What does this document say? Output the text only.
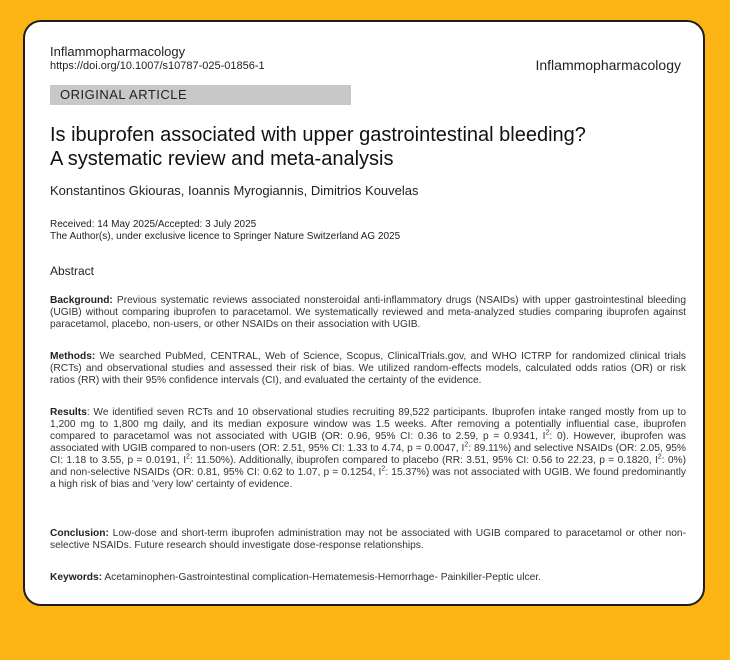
Inflammopharmacology
https://doi.org/10.1007/s10787-025-01856-1	Inflammopharmacology
ORIGINAL ARTICLE
Is ibuprofen associated with upper gastrointestinal bleeding?
A systematic review and meta-analysis
Konstantinos Gkiouras, Ioannis Myrogiannis, Dimitrios Kouvelas
Received: 14 May 2025/Accepted: 3 July 2025
The Author(s), under exclusive licence to Springer Nature Switzerland AG 2025
Abstract
Background: Previous systematic reviews associated nonsteroidal anti-inflammatory drugs (NSAIDs) with upper gastrointestinal bleeding (UGIB) without comparing ibuprofen to paracetamol. We systematically reviewed and meta-analyzed studies comparing ibuprofen against paracetamol, placebo, non-users, or other NSAIDs on their association with UGIB.
Methods: We searched PubMed, CENTRAL, Web of Science, Scopus, ClinicalTrials.gov, and WHO ICTRP for randomized clinical trials (RCTs) and observational studies and assessed their risk of bias. We utilized random-effects models, calculated odds ratios (OR) or risk ratios (RR) with their 95% confidence intervals (CI), and evaluated the certainty of the evidence.
Results: We identified seven RCTs and 10 observational studies recruiting 89,522 participants. Ibuprofen intake ranged mostly from up to 1,200 mg to 1,800 mg daily, and its median exposure window was 1.5 weeks. After removing a potentially influential case, ibuprofen compared to paracetamol was not associated with UGIB (OR: 0.96, 95% CI: 0.36 to 2.59, p = 0.9341, $I^2$: 0). However, ibuprofen was associated with UGIB compared to non-users (OR: 2.51, 95% CI: 1.33 to 4.74, p = 0.0047, $I^2$: 89.11%) and selective NSAIDs (OR: 2.05, 95% CI: 1.18 to 3.55, p = 0.0191, $I^2$: 11.50%). Additionally, ibuprofen compared to placebo (RR: 3.51, 95% CI: 0.56 to 22.23, p = 0.1820, $I^2$: 0%) and non-selective NSAIDs (OR: 0.81, 95% CI: 0.62 to 1.07, p = 0.1254, $I^2$: 15.37%) was not associated with UGIB. We found predominantly a high risk of bias and 'very low' certainty of evidence.
Conclusion: Low-dose and short-term ibuprofen administration may not be associated with UGIB compared to paracetamol or other non-selective NSAIDs. Future research should investigate dose-response relationships.
Keywords: Acetaminophen-Gastrointestinal complication-Hematemesis-Hemorrhage- Painkiller-Peptic ulcer.
